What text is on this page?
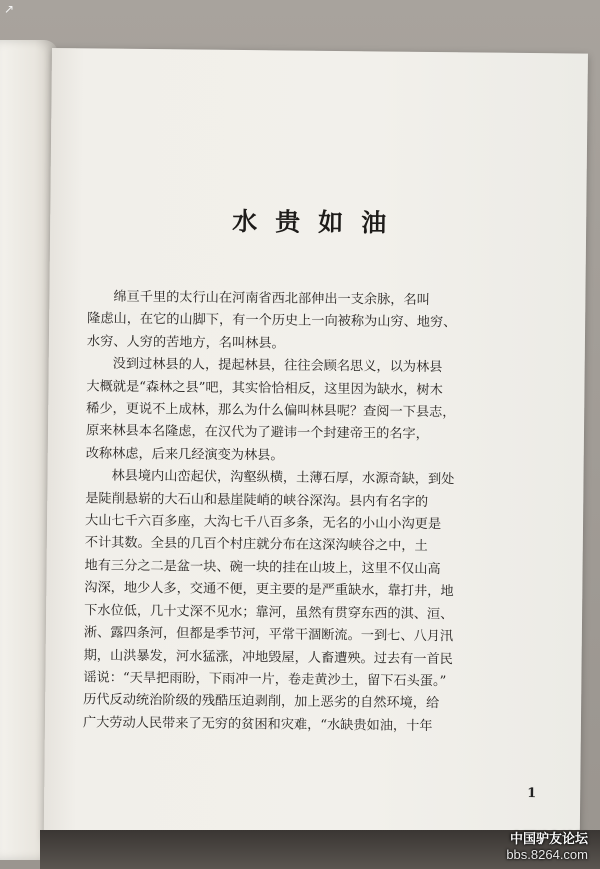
↗
水贵如油

绵亘千里的太行山在河南省西北部伸出一支余脉，名叫
隆虑山，在它的山脚下，有一个历史上一向被称为山穷、地穷、
水穷、人穷的苦地方，名叫林县。

没到过林县的人，提起林县，往往会顾名思义，以为林县
大概就是“森林之县”吧，其实恰恰相反，这里因为缺水，树木
稀少，更说不上成林，那么为什么偏叫林县呢？查阅一下县志，
原来林县本名隆虑，在汉代为了避讳一个封建帝王的名字，
改称林虑，后来几经演变为林县。

林县境内山峦起伏，沟壑纵横，土薄石厚，水源奇缺，到处
是陡削悬崭的大石山和悬崖陡峭的峡谷深沟。县内有名字的
大山七千六百多座，大沟七千八百多条，无名的小山小沟更是
不计其数。全县的几百个村庄就分布在这深沟峡谷之中，土
地有三分之二是盆一块、碗一块的挂在山坡上，这里不仅山高
沟深，地少人多，交通不便，更主要的是严重缺水，靠打井，地
下水位低，几十丈深不见水；靠河，虽然有贯穿东西的淇、洹、
淅、露四条河，但都是季节河，平常干涸断流。一到七、八月汛
期，山洪暴发，河水猛涨，冲地毁屋，人畜遭殃。过去有一首民
谣说：“天旱把雨盼，下雨冲一片，卷走黄沙土，留下石头蛋。”
历代反动统治阶级的残酷压迫剥削，加上恶劣的自然环境，给
广大劳动人民带来了无穷的贫困和灾难，“水缺贵如油，十年

1
中国驴友论坛
bbs.8264.com
